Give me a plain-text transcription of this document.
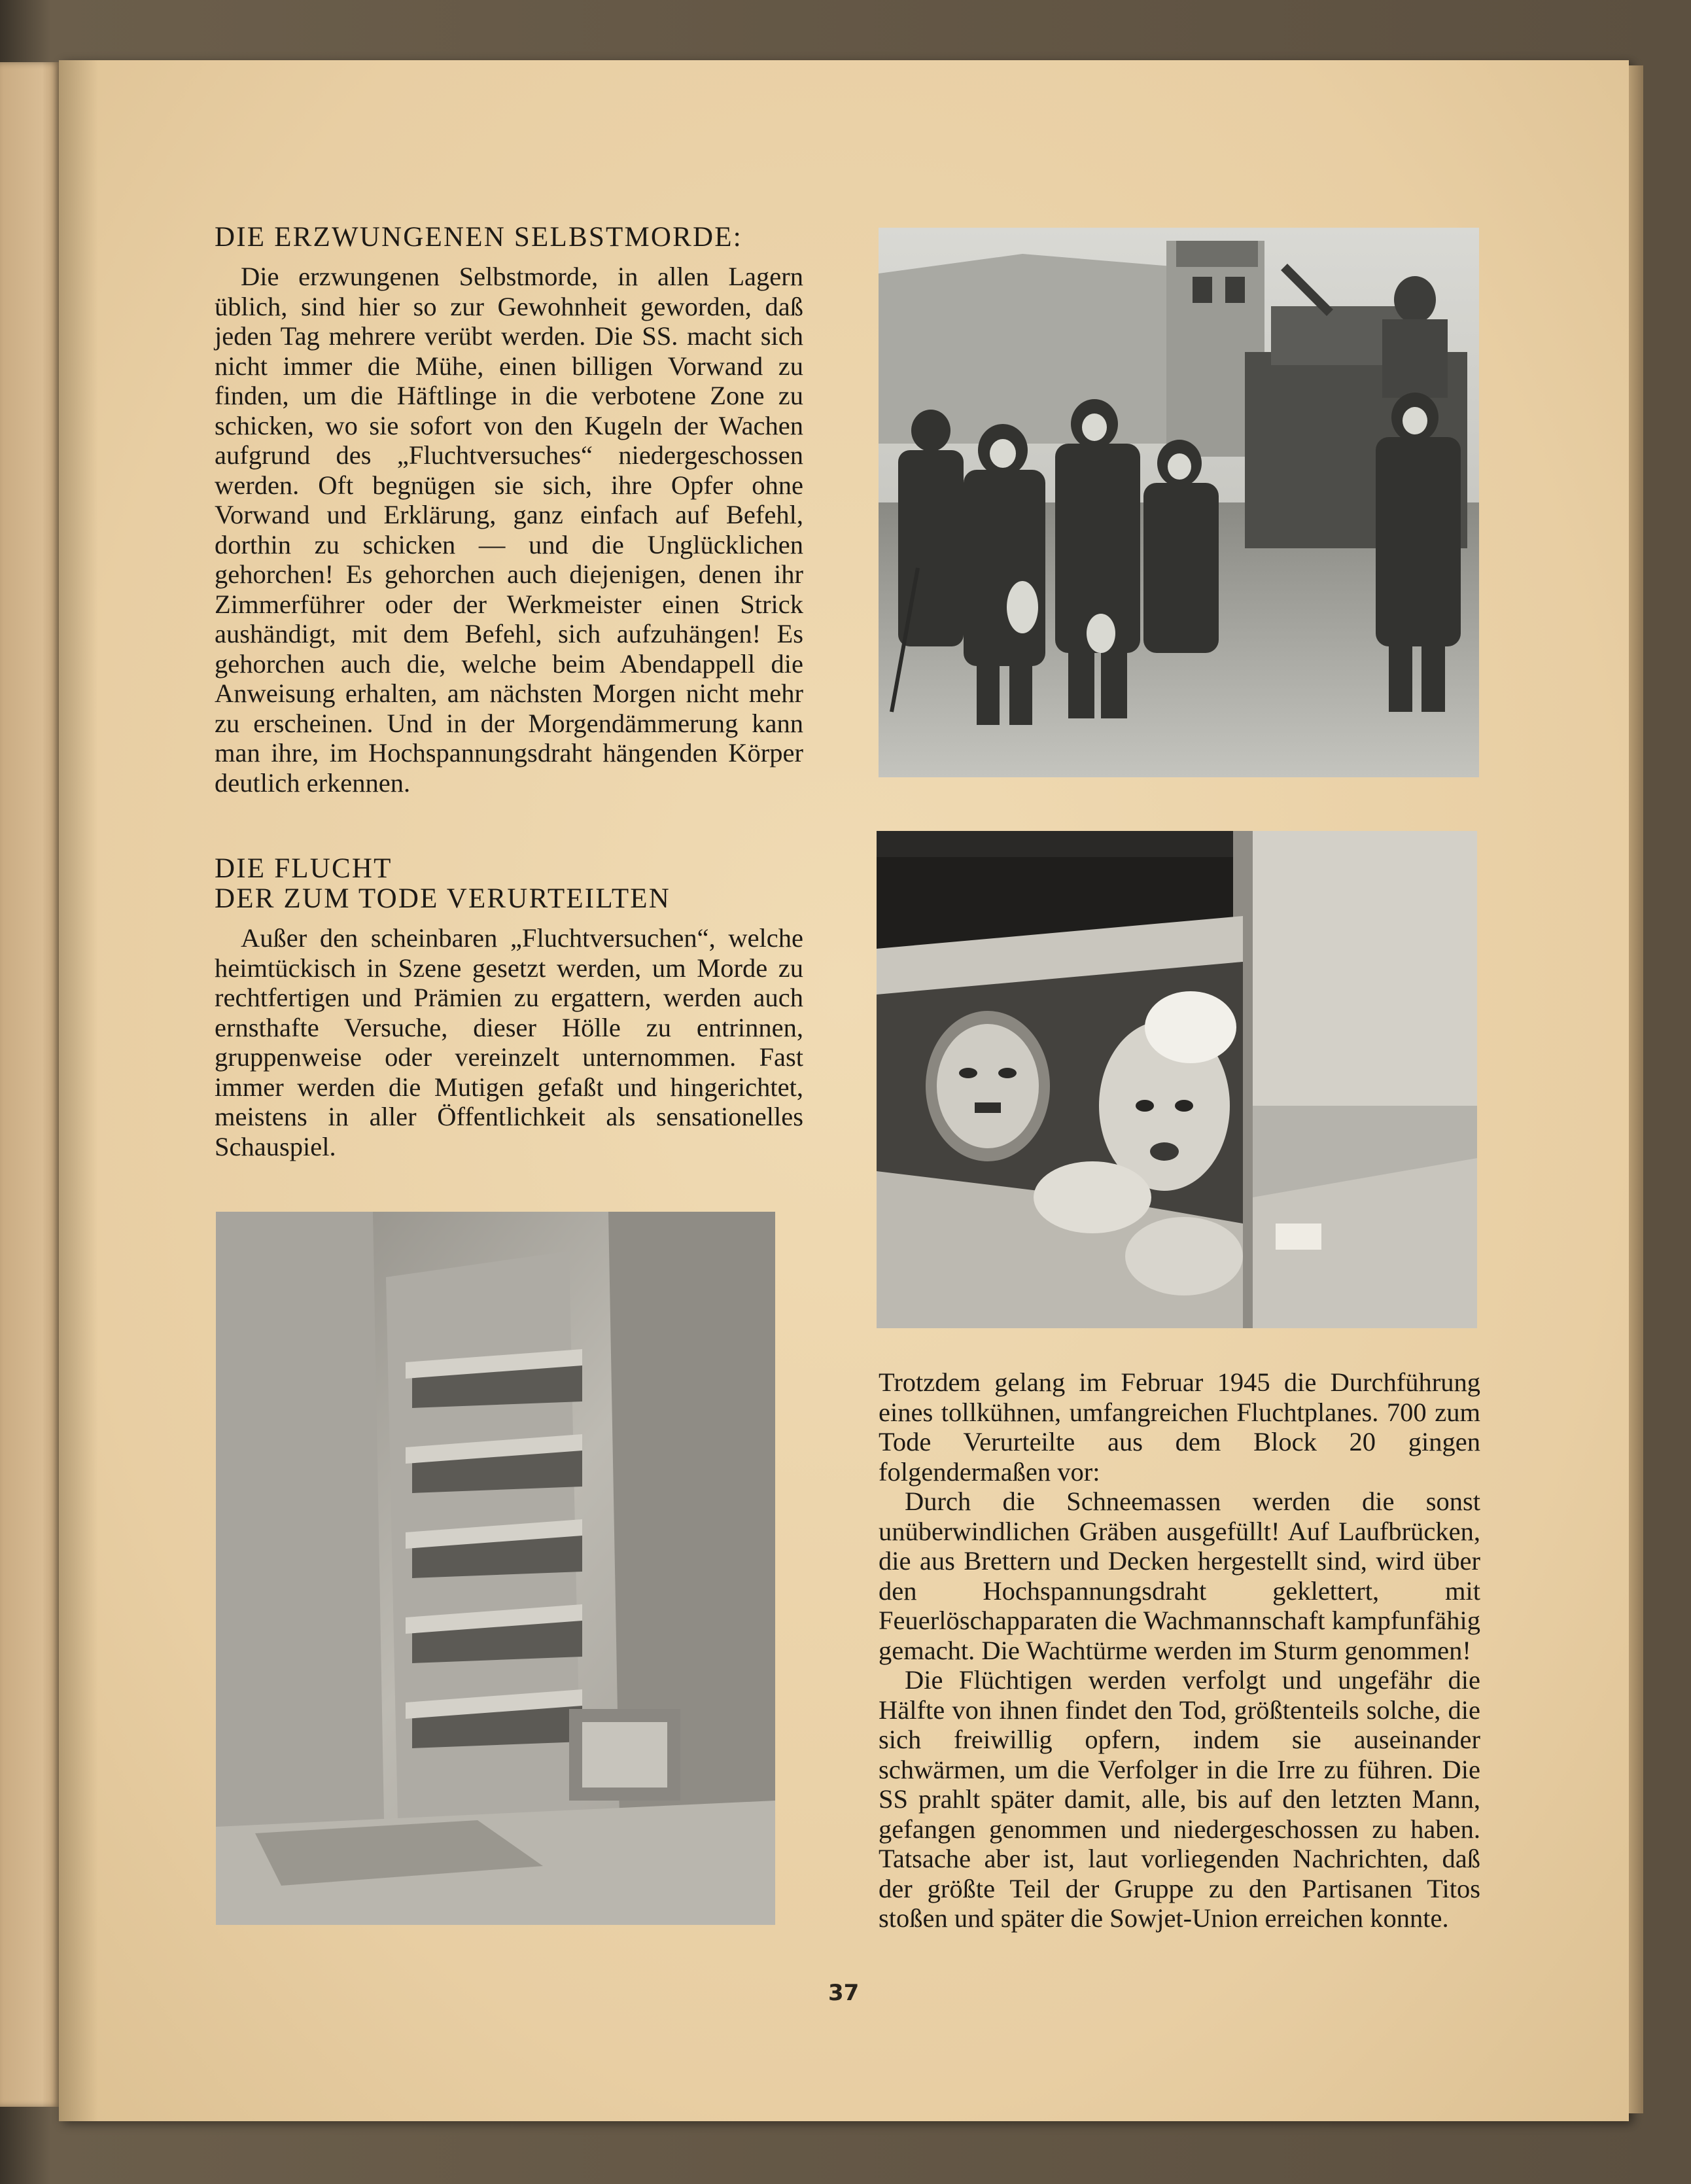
DIE ERZWUNGENEN SELBSTMORDE:

Die erzwungenen Selbstmorde, in allen Lagern üblich, sind hier so zur Gewohnheit geworden, daß jeden Tag mehrere verübt werden. Die SS. macht sich nicht immer die Mühe, einen billigen Vorwand zu finden, um die Häftlinge in die verbotene Zone zu schicken, wo sie sofort von den Kugeln der Wachen aufgrund des „Fluchtversuches“ niedergeschossen werden. Oft begnügen sie sich, ihre Opfer ohne Vorwand und Erklärung, ganz einfach auf Befehl, dorthin zu schicken — und die Unglücklichen gehorchen! Es gehorchen auch diejenigen, denen ihr Zimmerführer oder der Werkmeister einen Strick aushändigt, mit dem Befehl, sich aufzuhängen! Es gehorchen auch die, welche beim Abendappell die Anweisung erhalten, am nächsten Morgen nicht mehr zu erscheinen. Und in der Morgendämmerung kann man ihre, im Hochspannungsdraht hängenden Körper deutlich erkennen.

DIE FLUCHT
DER ZUM TODE VERURTEILTEN

Außer den scheinbaren „Fluchtversuchen“, welche heimtückisch in Szene gesetzt werden, um Morde zu rechtfertigen und Prämien zu ergattern, werden auch ernsthafte Versuche, dieser Hölle zu entrinnen, gruppenweise oder vereinzelt unternommen. Fast immer werden die Mutigen gefaßt und hingerichtet, meistens in aller Öffentlichkeit als sensationelles Schauspiel.

Trotzdem gelang im Februar 1945 die Durchführung eines tollkühnen, umfangreichen Fluchtplanes. 700 zum Tode Verurteilte aus dem Block 20 gingen folgendermaßen vor:

Durch die Schneemassen werden die sonst unüberwindlichen Gräben ausgefüllt! Auf Laufbrücken, die aus Brettern und Decken hergestellt sind, wird über den Hochspannungsdraht geklettert, mit Feuerlöschapparaten die Wachmannschaft kampfunfähig gemacht. Die Wachtürme werden im Sturm genommen!

Die Flüchtigen werden verfolgt und ungefähr die Hälfte von ihnen findet den Tod, größtenteils solche, die sich freiwillig opfern, indem sie auseinander schwärmen, um die Verfolger in die Irre zu führen. Die SS prahlt später damit, alle, bis auf den letzten Mann, gefangen genommen und niedergeschossen zu haben. Tatsache aber ist, laut vorliegenden Nachrichten, daß der größte Teil der Gruppe zu den Partisanen Titos stoßen und später die Sowjet-Union erreichen konnte.

37
